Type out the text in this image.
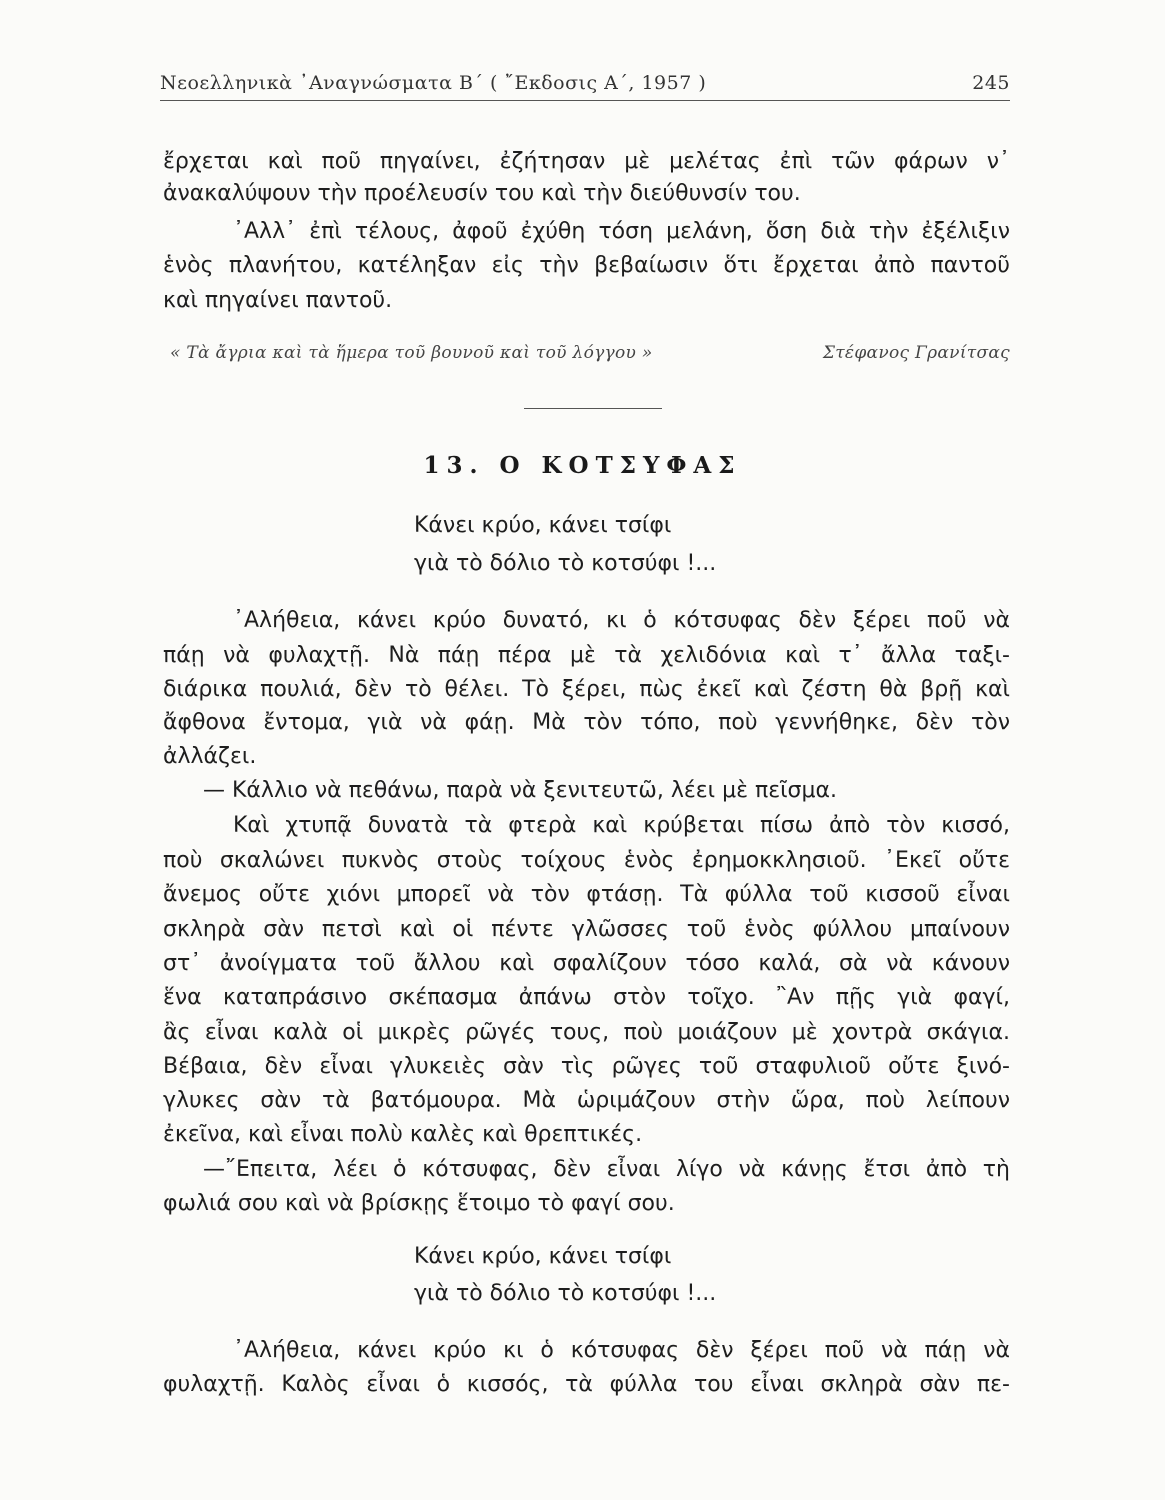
Νεοελληνικὰ ᾿Αναγνώσματα Β΄ ( ῎Εκδοσις Α΄, 1957 )	245
ἔρχεται καὶ ποῦ πηγαίνει, ἐζήτησαν μὲ μελέτας ἐπὶ τῶν φάρων ν᾿
ἀνακαλύψουν τὴν προέλευσίν του καὶ τὴν διεύθυνσίν του.
᾿Αλλ᾿ ἐπὶ τέλους, ἀφοῦ ἐχύθη τόση μελάνη, ὅση διὰ τὴν ἐξέλιξιν
ἑνὸς πλανήτου, κατέληξαν εἰς τὴν βεβαίωσιν ὅτι ἔρχεται ἀπὸ παντοῦ
καὶ πηγαίνει παντοῦ.
« Τὰ ἄγρια καὶ τὰ ἥμερα τοῦ βουνοῦ καὶ τοῦ λόγγου »	Στέφανος Γρανίτσας
13. Ο ΚΟΤΣΥΦΑΣ
Κάνει κρύο, κάνει τσίφι
γιὰ τὸ δόλιο τὸ κοτσύφι !...
᾿Αλήθεια, κάνει κρύο δυνατό, κι ὁ κότσυφας δὲν ξέρει ποῦ νὰ
πάῃ νὰ φυλαχτῇ. Νὰ πάῃ πέρα μὲ τὰ χελιδόνια καὶ τ᾿ ἄλλα ταξι-
διάρικα πουλιά, δὲν τὸ θέλει. Τὸ ξέρει, πὼς ἐκεῖ καὶ ζέστη θὰ βρῇ καὶ
ἄφθονα ἔντομα, γιὰ νὰ φάῃ. Μὰ τὸν τόπο, ποὺ γεννήθηκε, δὲν τὸν
ἀλλάζει.
— Κάλλιο νὰ πεθάνω, παρὰ νὰ ξενιτευτῶ, λέει μὲ πεῖσμα.
Καὶ χτυπᾷ δυνατὰ τὰ φτερὰ καὶ κρύβεται πίσω ἀπὸ τὸν κισσό,
ποὺ σκαλώνει πυκνὸς στοὺς τοίχους ἑνὸς ἐρημοκκλησιοῦ. ᾿Εκεῖ οὔτε
ἄνεμος οὔτε χιόνι μπορεῖ νὰ τὸν φτάσῃ. Τὰ φύλλα τοῦ κισσοῦ εἶναι
σκληρὰ σὰν πετσὶ καὶ οἱ πέντε γλῶσσες τοῦ ἑνὸς φύλλου μπαίνουν
στ᾿ ἀνοίγματα τοῦ ἄλλου καὶ σφαλίζουν τόσο καλά, σὰ νὰ κάνουν
ἕνα καταπράσινο σκέπασμα ἀπάνω στὸν τοῖχο. ῍Αν πῇς γιὰ φαγί,
ἂς εἶναι καλὰ οἱ μικρὲς ρῶγές τους, ποὺ μοιάζουν μὲ χοντρὰ σκάγια.
Βέβαια, δὲν εἶναι γλυκειὲς σὰν τὶς ρῶγες τοῦ σταφυλιοῦ οὔτε ξινό-
γλυκες σὰν τὰ βατόμουρα. Μὰ ὡριμάζουν στὴν ὥρα, ποὺ λείπουν
ἐκεῖνα, καὶ εἶναι πολὺ καλὲς καὶ θρεπτικές.
—῎Επειτα, λέει ὁ κότσυφας, δὲν εἶναι λίγο νὰ κάνῃς ἔτσι ἀπὸ τὴ
φωλιά σου καὶ νὰ βρίσκῃς ἕτοιμο τὸ φαγί σου.
Κάνει κρύο, κάνει τσίφι
γιὰ τὸ δόλιο τὸ κοτσύφι !...
᾿Αλήθεια, κάνει κρύο κι ὁ κότσυφας δὲν ξέρει ποῦ νὰ πάῃ νὰ
φυλαχτῇ. Καλὸς εἶναι ὁ κισσός, τὰ φύλλα του εἶναι σκληρὰ σὰν πε-
